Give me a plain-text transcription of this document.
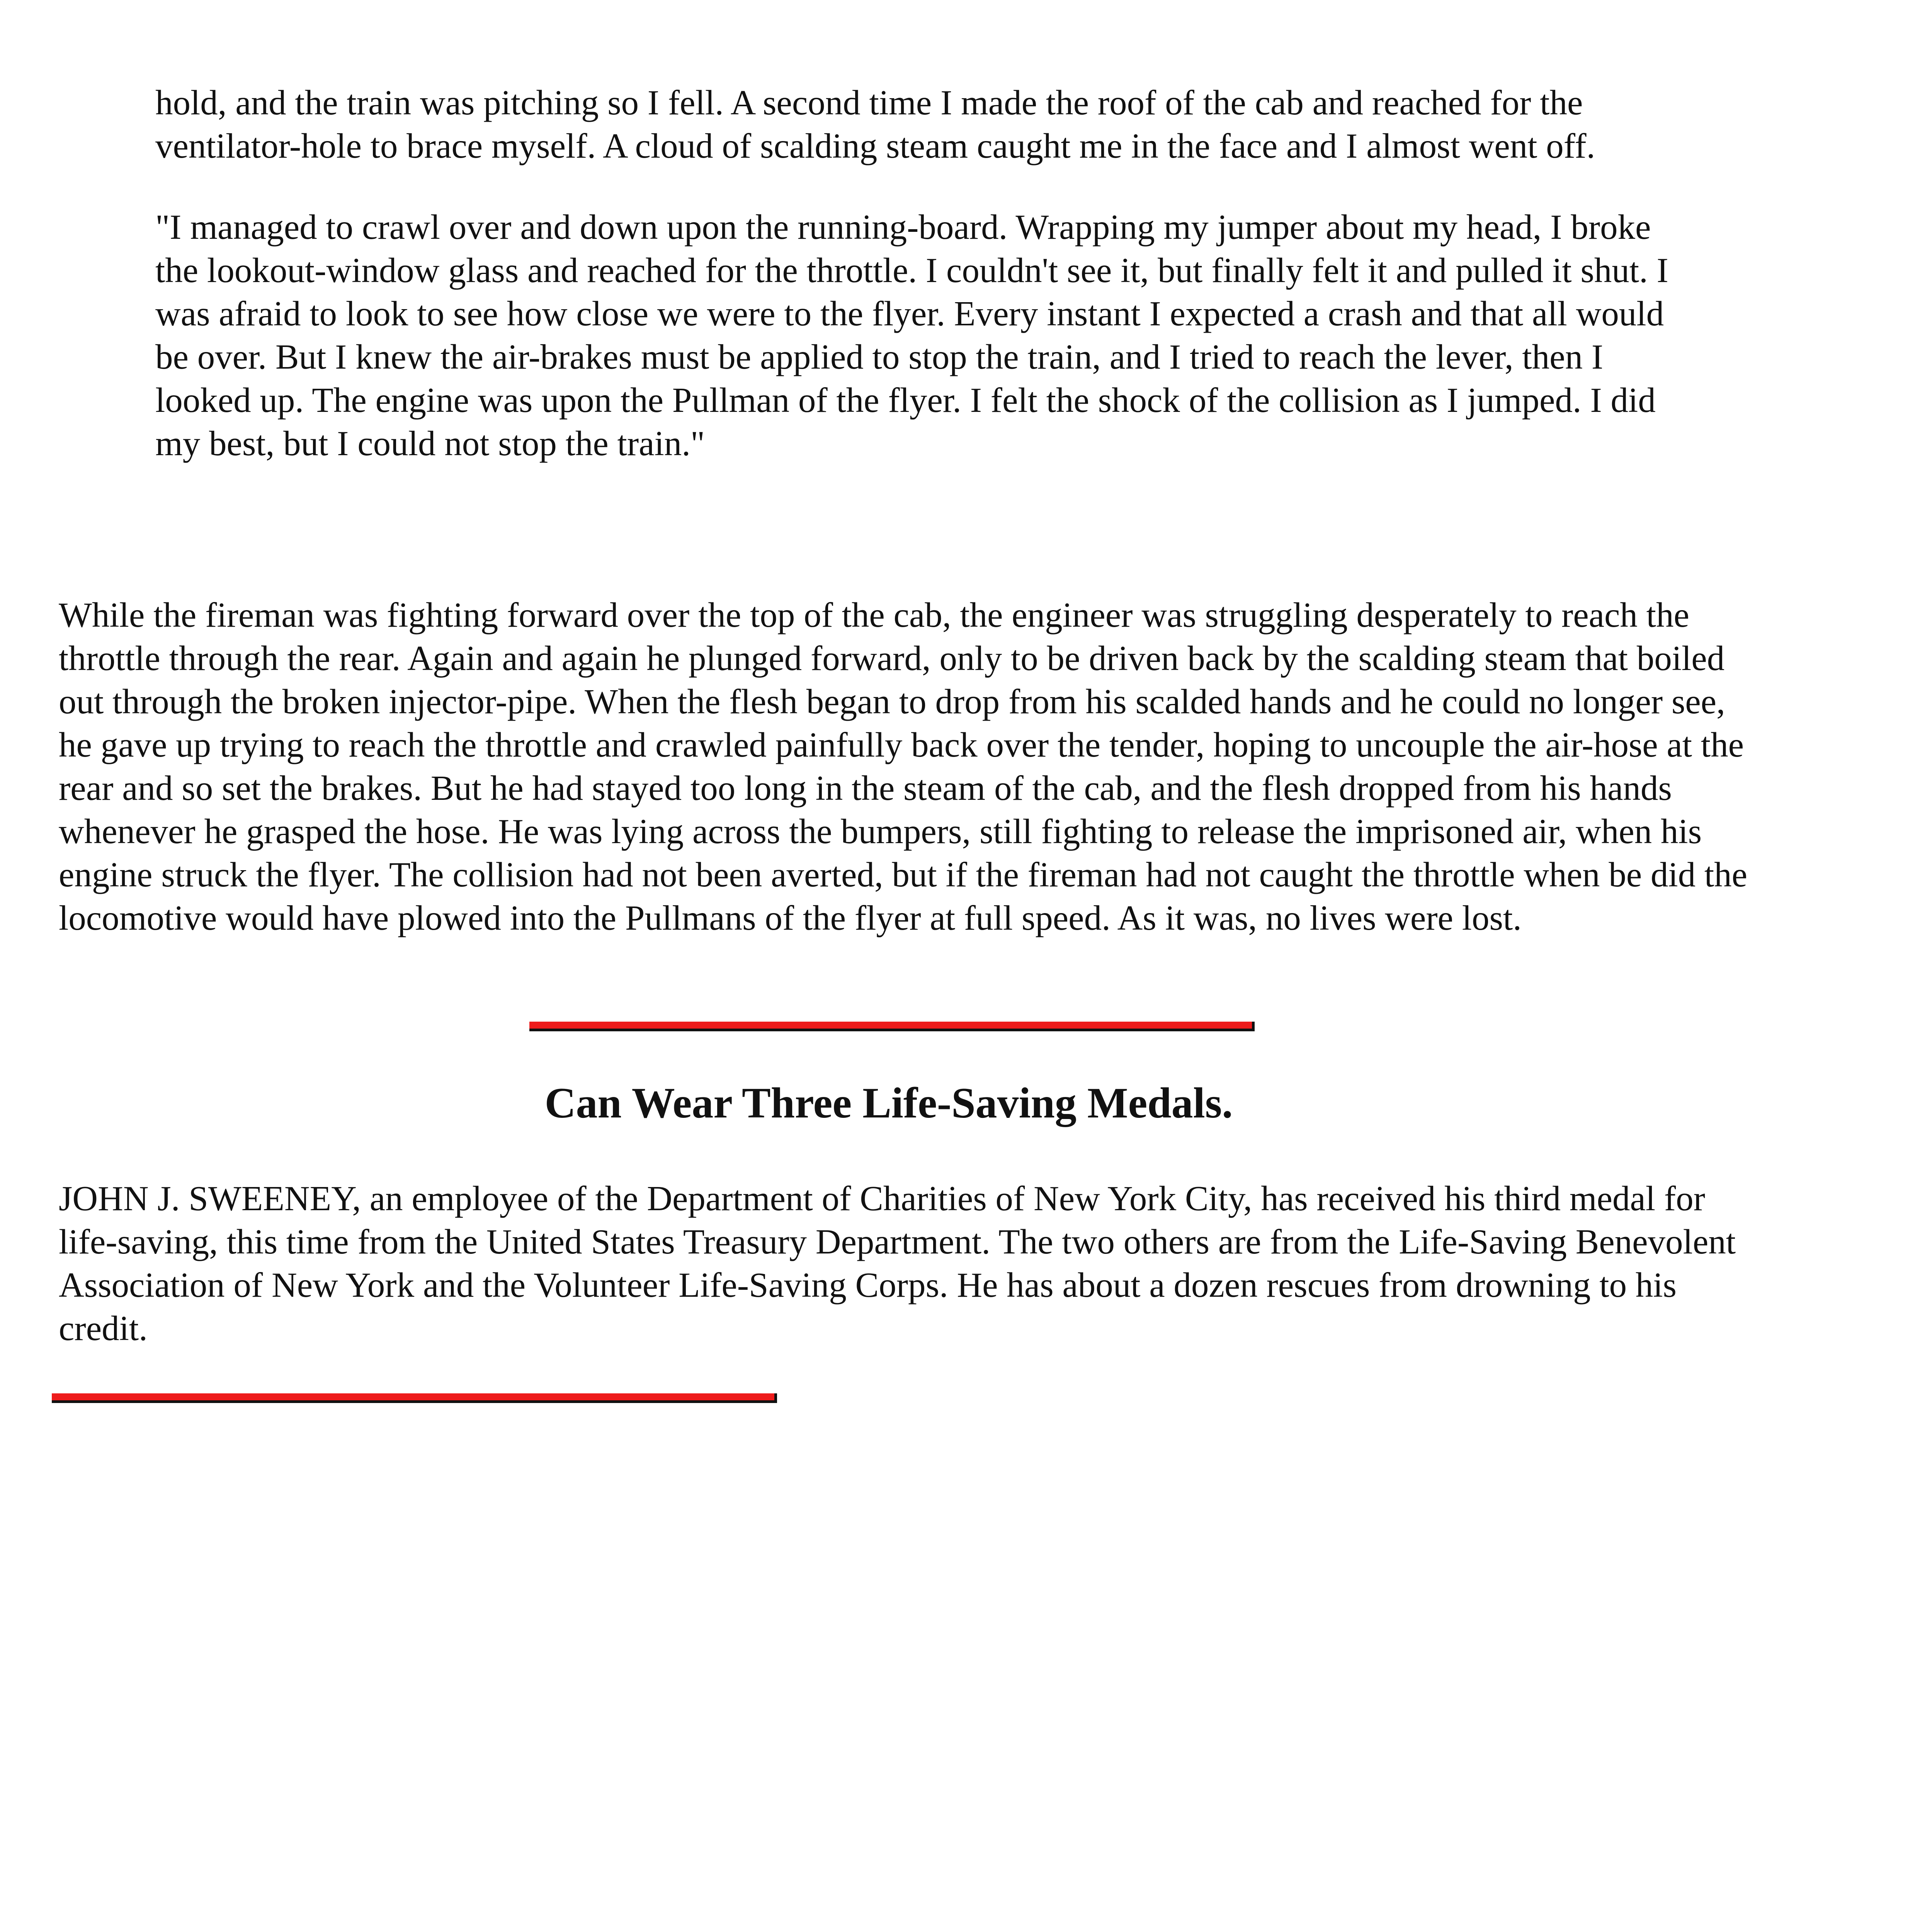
hold, and the train was pitching so I fell. A second time I made the roof of the cab and reached for the ventilator-hole to brace myself. A cloud of scalding steam caught me in the face and I almost went off.

"I managed to crawl over and down upon the running-board. Wrapping my jumper about my head, I broke the lookout-window glass and reached for the throttle. I couldn't see it, but finally felt it and pulled it shut. I was afraid to look to see how close we were to the flyer. Every instant I expected a crash and that all would be over. But I knew the air-brakes must be applied to stop the train, and I tried to reach the lever, then I looked up. The engine was upon the Pullman of the flyer. I felt the shock of the collision as I jumped. I did my best, but I could not stop the train."

While the fireman was fighting forward over the top of the cab, the engineer was struggling desperately to reach the throttle through the rear. Again and again he plunged forward, only to be driven back by the scalding steam that boiled out through the broken injector-pipe. When the flesh began to drop from his scalded hands and he could no longer see, he gave up trying to reach the throttle and crawled painfully back over the tender, hoping to uncouple the air-hose at the rear and so set the brakes. But he had stayed too long in the steam of the cab, and the flesh dropped from his hands whenever he grasped the hose. He was lying across the bumpers, still fighting to release the imprisoned air, when his engine struck the flyer. The collision had not been averted, but if the fireman had not caught the throttle when be did the locomotive would have plowed into the Pullmans of the flyer at full speed. As it was, no lives were lost.

Can Wear Three Life-Saving Medals.

JOHN J. SWEENEY, an employee of the Department of Charities of New York City, has received his third medal for life-saving, this time from the United States Treasury Department. The two others are from the Life-Saving Benevolent Association of New York and the Volunteer Life-Saving Corps. He has about a dozen rescues from drowning to his credit.
